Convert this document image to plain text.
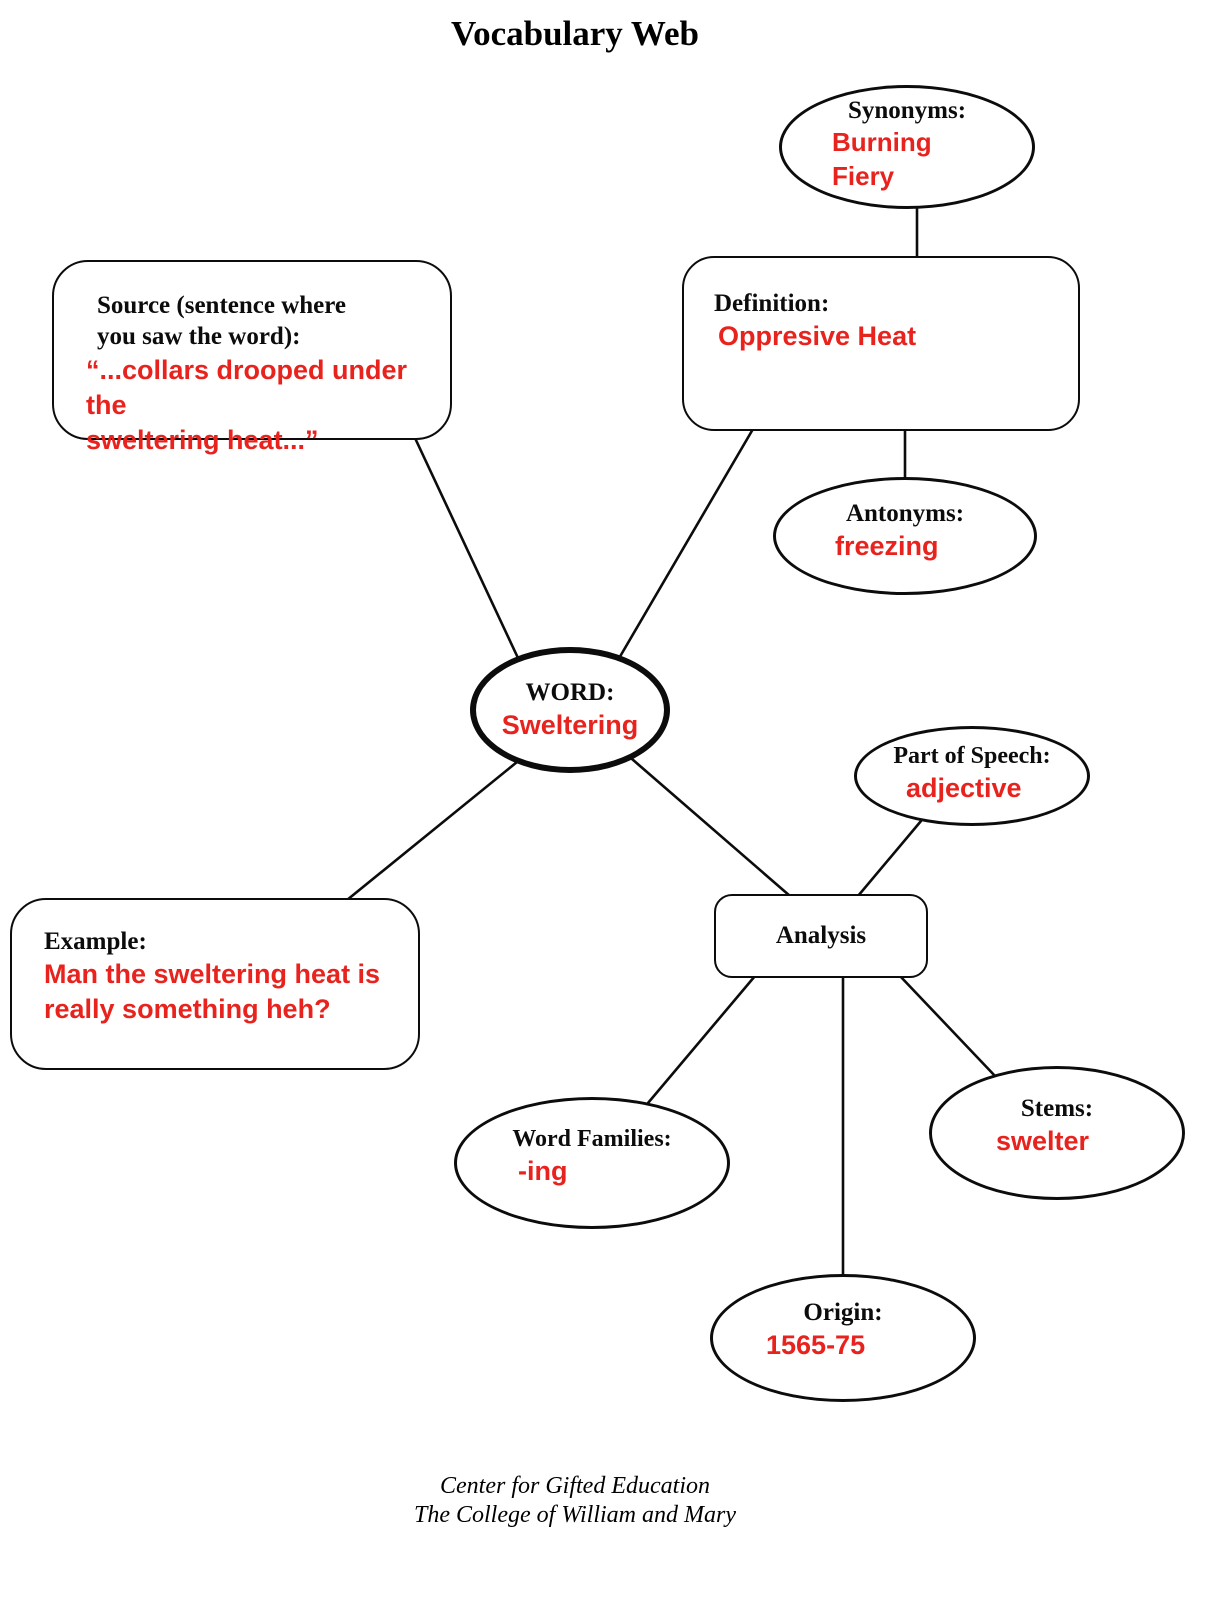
Vocabulary Web
Synonyms:
Burning
Fiery
Definition:
Oppresive Heat
Source (sentence where
you saw the word):
“...collars drooped under the
sweltering heat...”
Antonyms:
freezing
WORD:
Sweltering
Part of Speech:
adjective
Example:
Man the sweltering heat is
really something heh?
Analysis
Word Families:
-ing
Stems:
swelter
Origin:
1565-75
Center for Gifted Education
The College of William and Mary
